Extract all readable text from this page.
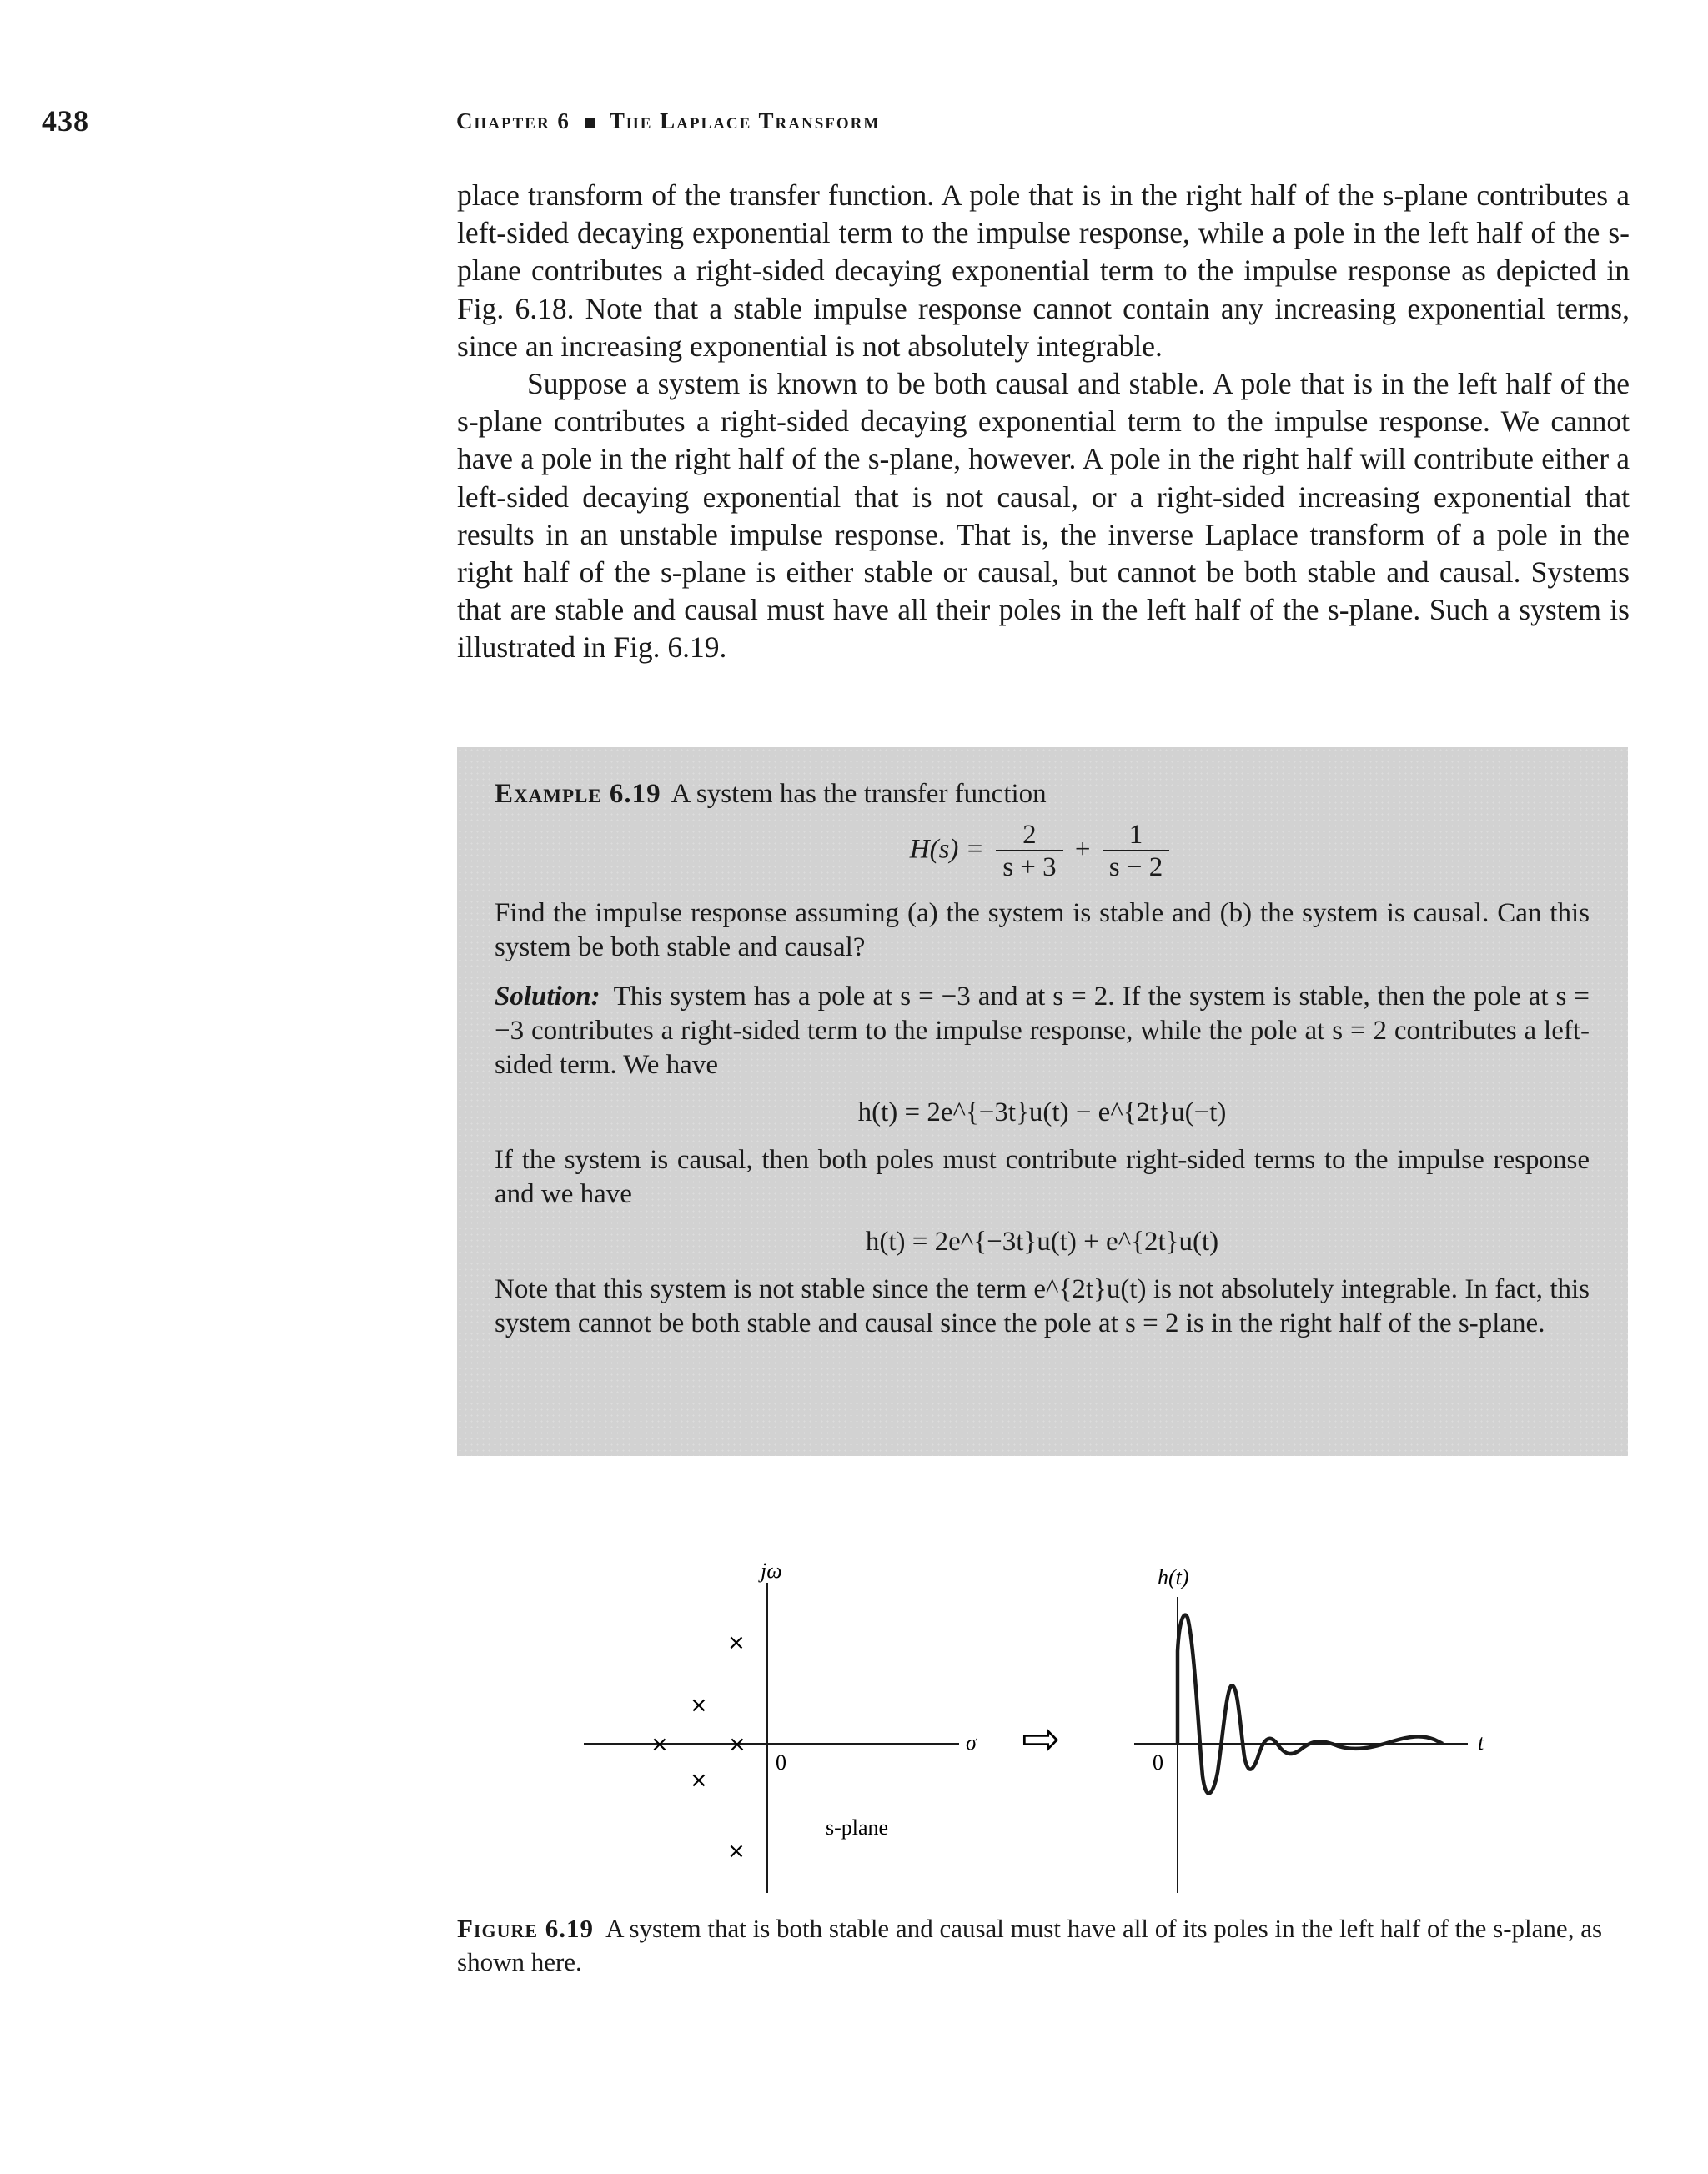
438	Chapter 6 The Laplace Transform

place transform of the transfer function. A pole that is in the right half of the s-plane contributes a left-sided decaying exponential term to the impulse response, while a pole in the left half of the s-plane contributes a right-sided decaying exponential term to the impulse response as depicted in Fig. 6.18. Note that a stable impulse response cannot contain any increasing exponential terms, since an increasing exponential is not absolutely integrable.

Suppose a system is known to be both causal and stable. A pole that is in the left half of the s-plane contributes a right-sided decaying exponential term to the impulse response. We cannot have a pole in the right half of the s-plane, however. A pole in the right half will contribute either a left-sided decaying exponential that is not causal, or a right-sided increasing exponential that results in an unstable impulse response. That is, the inverse Laplace transform of a pole in the right half of the s-plane is either stable or causal, but cannot be both stable and causal. Systems that are stable and causal must have all their poles in the left half of the s-plane. Such a system is illustrated in Fig. 6.19.

Example 6.19 A system has the transfer function

$H(s) = \frac{2}{s + 3} + \frac{1}{s - 2}$

Find the impulse response assuming (a) the system is stable and (b) the system is causal. Can this system be both stable and causal?

Solution: This system has a pole at s = −3 and at s = 2. If the system is stable, then the pole at s = −3 contributes a right-sided term to the impulse response, while the pole at s = 2 contributes a left-sided term. We have

h(t) = 2e^{−3t}u(t) − e^{2t}u(−t)

If the system is causal, then both poles must contribute right-sided terms to the impulse response and we have

h(t) = 2e^{−3t}u(t) + e^{2t}u(t)

Note that this system is not stable since the term e^{2t}u(t) is not absolutely integrable. In fact, this system cannot be both stable and causal since the pole at s = 2 is in the right half of the s-plane.

jω
σ
0
s-plane
×
×
×	×
×
×
⇨
h(t)
t
0

Figure 6.19 A system that is both stable and causal must have all of its poles in the left half of the s-plane, as shown here.
